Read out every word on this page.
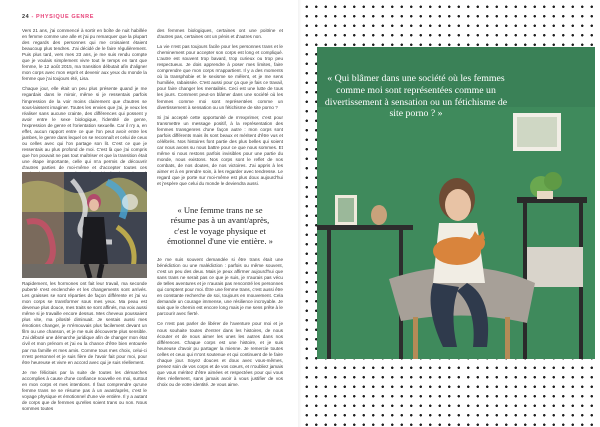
24 - PHYSIQUE GENRE

Vers 21 ans, j'ai commencé à sortir en boîte de nuit habillée en femme comme une alle et j'ai pu remarquer que la plupart des regards des personnes qui me croisaient étaient beaucoup plus tendres. J'ai décidé de le faire régulièrement. Puis plus tard, vers mes 23 ans, je me suis rendu compte que je voulais simplement vivre tout le temps en tant que femme, le 12 août 2015, ma transition débutait afin d'aligner mon corps avec mon esprit et devenir aux yeux du monde la femme que j'ai toujours été, Lisa.

Chaque jour, elle était un peu plus présente quand je me regardais dans le miroir, même si je ressentais parfois l'impression de la voir moins clairement que d'autres se sous-laissent imaginer. Toutes les envies que j'ai, je veux les réaliser sans aucune crainte, des différences qui possent y avoir entre le sexe biologique, l'identité de genre, l'expression de genre et l'orientation sexuelle. Car il n'y a, en effet, aucun rapport entre ce que l'on peut avoir entre les jambes, le genre dans lequel on se reconnaît et celui de ceux ou celles avec qui l'on partage son lit. C'est ce que je ressentais au plus profond de moi. C'est là que j'ai compris que l'on pouvait ne pas tout maîtriser et que la transition était une étape importante, celle qui m'a permis de découvrir d'autres parties de moi-même et d'accepter toutes ces

Rapidement, les hormones ont fait leur travail, ma seconde puberté s'est enclenchée et les changements sont arrivés. Les graisses se sont réparties de façon différente et j'ai vu mon corps se transformer sous mes yeux. Ma peau est devenue plus douce, mes traits se sont affinés, ma voix aussi même si je travaille encore dessus. Mes cheveux poussaient plus vite, ma pilosité diminuait. Je sentais aussi mes émotions changer, je m'émouvais plus facilement devant un film ou une chanson, et je me suis découverte plus sensible. J'ai débuté une démarche juridique afin de changer mon état civil et mon prénom et j'ai eu la chance d'être bien entourée par ma famille et mes amis. Comme tous mes choix, celui-ci m'est personnel et je suis fière de l'avoir fait pour moi, pour être heureuse et vivre en accord avec qui je suis réellement.

Je me félicitais par la suite de toutes les démarches accomplies à cause d'une confiance nouvelle en moi, surtout en mon corps et mes intentions. Il faut comprendre qu'une femme trans ne se résume pas à un avant/après, c'est le voyage physique et émotionnel d'une vie entière. Il y a autant de corps que de femmes qu'elles soient trans ou non. Nous sommes toutes

des femmes biologiques, certaines ont une poitrine et d'autres pas, certaines ont un pénis et d'autres non.

La vie n'est pas toujours facile pour les personnes trans et le cheminement pour accepter son corps est long et compliqué. L'autre est souvent trop bavard, trop curieux ou trop peu respectueux. Je dois apprendre à poser mes limites, faire comprendre que mon corps m'appartient. Il y a des moments où la transphobie et le sexisme se mêlent, et je me sens humiliée, rabaissée. C'est aussi pour ça que je fais ce travail, pour faire changer les mentalités. Ceci est une lutte de tous les jours. Comment peut-on blâmer dans une société où les femmes comme moi sont représentées comme un divertissement à sensation ou un fétichisme de site porno ?

Si j'ai accepté cette opportunité de m'exprimer, c'est pour transmettre un message positif, à la représentation des femmes transgenres d'une façon autre : mon corps sont parfois différents mais ils sont beaux et méritent d'être vus et célébrés. Nos histoires font partie des plus belles qui soient car nous avons su nous battre pour ce que nous sommes. Et même si nous restons parfois invisibles pour une partie du monde, nous existons. Nos corps sont le reflet de nos combats, de nos doutes, de nos victoires. J'ai appris à les aimer et à en prendre soin, à les regarder avec tendresse. Le regard que je porte sur moi-même est plus doux aujourd'hui et j'espère que celui du monde le deviendra aussi.

« Une femme trans ne se résume pas à un avant/après, c'est le voyage physique et émotionnel d'une vie entière. »

Je me suis souvent demandée si être trans était une bénédiction ou une malédiction : parfois ou même souvent, c'est un peu des deux. Mais je peux affirmer aujourd'hui que sans trans ne serait pas ce que je suis, je n'aurais pas vécu de telles aventures et je n'aurais pas rencontré les personnes qui comptent pour moi. Être une femme trans, c'est aussi être en constante recherche de soi, toujours en mouvement. Cela demande un courage immense, une résilience incroyable. Je sais que le chemin est encore long mais je me sens prête à le parcourir avec fierté.

Ce n'est pas parler de libérer de l'aventure pour moi et je nous souhaite toutes d'entrer dans les histoires, de nous écouter et de nous aimer les unes les autres dans nos différences. Chaque corps est une histoire, et je suis heureuse d'avoir pu partager la mienne. Je remercie toutes celles et ceux qui m'ont soutenue et qui continuent de le faire chaque jour. Soyez douces et doux avec vous-mêmes, prenez soin de vos corps et de vos cœurs, et n'oubliez jamais que vous méritez d'être aimées et respectées pour qui vous êtes réellement, sans jamais avoir à vous justifier de vos choix ou de votre identité. Je vous aime.

« Qui blâmer dans une société où les femmes comme moi sont représentées comme un divertissement à sensation ou un fétichisme de site porno ? »
